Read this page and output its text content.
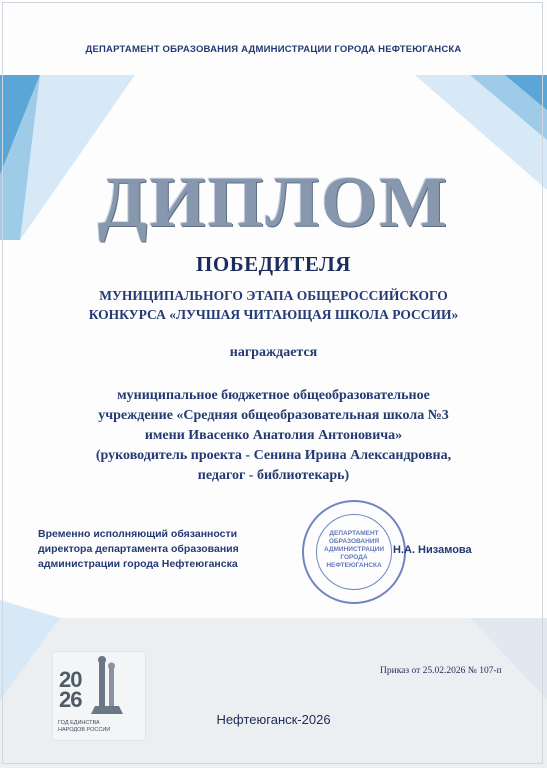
ДЕПАРТАМЕНТ ОБРАЗОВАНИЯ АДМИНИСТРАЦИИ ГОРОДА НЕФТЕЮГАНСКА
ДИПЛОМ
ПОБЕДИТЕЛЯ
МУНИЦИПАЛЬНОГО ЭТАПА ОБЩЕРОССИЙСКОГО
КОНКУРСА «ЛУЧШАЯ ЧИТАЮЩАЯ ШКОЛА РОССИИ»
награждается
муниципальное бюджетное общеобразовательное
учреждение «Средняя общеобразовательная школа №3
имени Ивасенко Анатолия Антоновича»
(руководитель проекта - Сенина Ирина Александровна,
педагог - библиотекарь)
Временно исполняющий обязанности
директора департамента образования
администрации города Нефтеюганска
ДЕПАРТАМЕНТ
ОБРАЗОВАНИЯ
АДМИНИСТРАЦИИ
ГОРОДА
НЕФТЕЮГАНСКА
Н.А. Низамова
20
26
ГОД ЕДИНСТВА
НАРОДОВ РОССИИ
Приказ от 25.02.2026 № 107-п
Нефтеюганск-2026
